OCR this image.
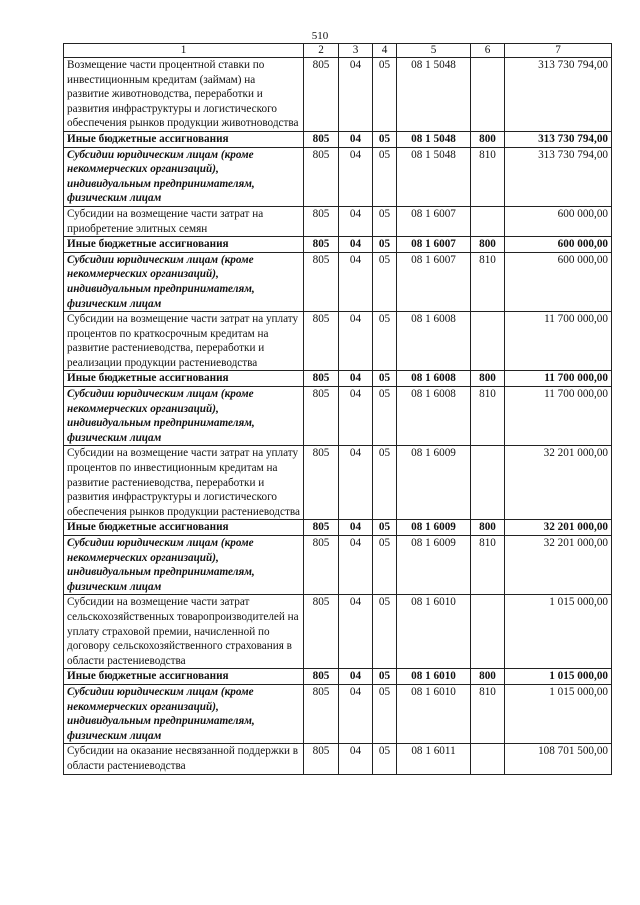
510
1	2	3	4	5	6	7
Возмещение части процентной ставки по инвестиционным кредитам (займам) на развитие животноводства, переработки и развития инфраструктуры и логистического обеспечения рынков продукции животноводства	805	04	05	08 1 5048		313 730 794,00
Иные бюджетные ассигнования	805	04	05	08 1 5048	800	313 730 794,00
Субсидии юридическим лицам (кроме некоммерческих организаций), индивидуальным предпринимателям, физическим лицам	805	04	05	08 1 5048	810	313 730 794,00
Субсидии на возмещение части затрат на приобретение элитных семян	805	04	05	08 1 6007		600 000,00
Иные бюджетные ассигнования	805	04	05	08 1 6007	800	600 000,00
Субсидии юридическим лицам (кроме некоммерческих организаций), индивидуальным предпринимателям, физическим лицам	805	04	05	08 1 6007	810	600 000,00
Субсидии на возмещение части затрат на уплату процентов по краткосрочным кредитам на развитие растениеводства, переработки и реализации продукции растениеводства	805	04	05	08 1 6008		11 700 000,00
Иные бюджетные ассигнования	805	04	05	08 1 6008	800	11 700 000,00
Субсидии юридическим лицам (кроме некоммерческих организаций), индивидуальным предпринимателям, физическим лицам	805	04	05	08 1 6008	810	11 700 000,00
Субсидии на возмещение части затрат на уплату процентов по инвестиционным кредитам на развитие растениеводства, переработки и развития инфраструктуры и логистического обеспечения рынков продукции растениеводства	805	04	05	08 1 6009		32 201 000,00
Иные бюджетные ассигнования	805	04	05	08 1 6009	800	32 201 000,00
Субсидии юридическим лицам (кроме некоммерческих организаций), индивидуальным предпринимателям, физическим лицам	805	04	05	08 1 6009	810	32 201 000,00
Субсидии на возмещение части затрат сельскохозяйственных товаропроизводителей на уплату страховой премии, начисленной по договору сельскохозяйственного страхования в области растениеводства	805	04	05	08 1 6010		1 015 000,00
Иные бюджетные ассигнования	805	04	05	08 1 6010	800	1 015 000,00
Субсидии юридическим лицам (кроме некоммерческих организаций), индивидуальным предпринимателям, физическим лицам	805	04	05	08 1 6010	810	1 015 000,00
Субсидии на оказание несвязанной поддержки в области растениеводства	805	04	05	08 1 6011		108 701 500,00
